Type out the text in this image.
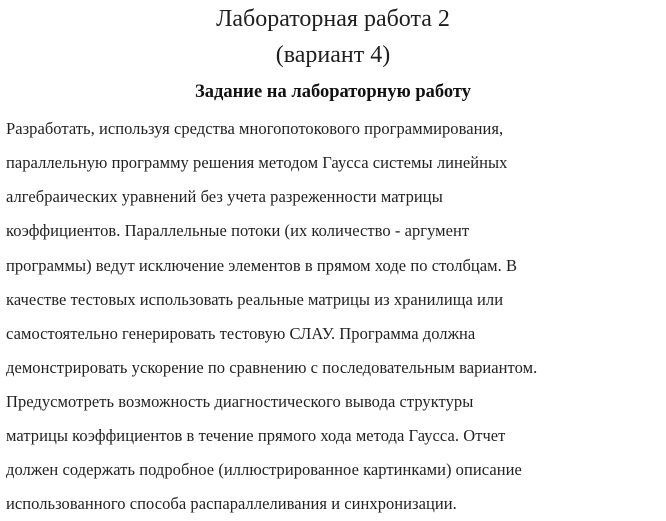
Лабораторная работа 2
(вариант 4)
Задание на лабораторную работу
Разработать, используя средства многопотокового программирования,
параллельную программу решения методом Гаусса системы линейных
алгебраических уравнений без учета разреженности матрицы
коэффициентов. Параллельные потоки (их количество - аргумент
программы) ведут исключение элементов в прямом ходе по столбцам. В
качестве тестовых использовать реальные матрицы из хранилища или
самостоятельно генерировать тестовую СЛАУ. Программа должна
демонстрировать ускорение по сравнению с последовательным вариантом.
Предусмотреть возможность диагностического вывода структуры
матрицы коэффициентов в течение прямого хода метода Гаусса. Отчет
должен содержать подробное (иллюстрированное картинками) описание
использованного способа распараллеливания и синхронизации.
